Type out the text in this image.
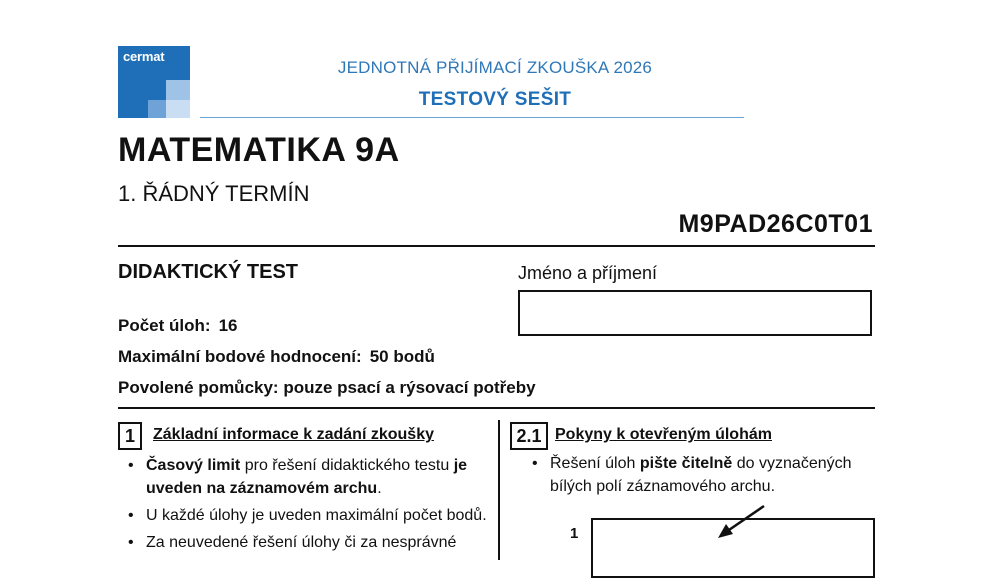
cermat
JEDNOTNÁ PŘIJÍMACÍ ZKOUŠKA 2026
TESTOVÝ SEŠIT
MATEMATIKA 9A
1. ŘÁDNÝ TERMÍN
M9PAD26C0T01
DIDAKTICKÝ TEST	Jméno a příjmení
Počet úloh: 16
Maximální bodové hodnocení: 50 bodů
Povolené pomůcky: pouze psací a rýsovací potřeby
1	Základní informace k zadání zkoušky
• Časový limit pro řešení didaktického testu je uveden na záznamovém archu.
• U každé úlohy je uveden maximální počet bodů.
• Za neuvedené řešení úlohy či za nesprávné
2.1 Pokyny k otevřeným úlohám
• Řešení úloh pište čitelně do vyznačených bílých polí záznamového archu.
1
